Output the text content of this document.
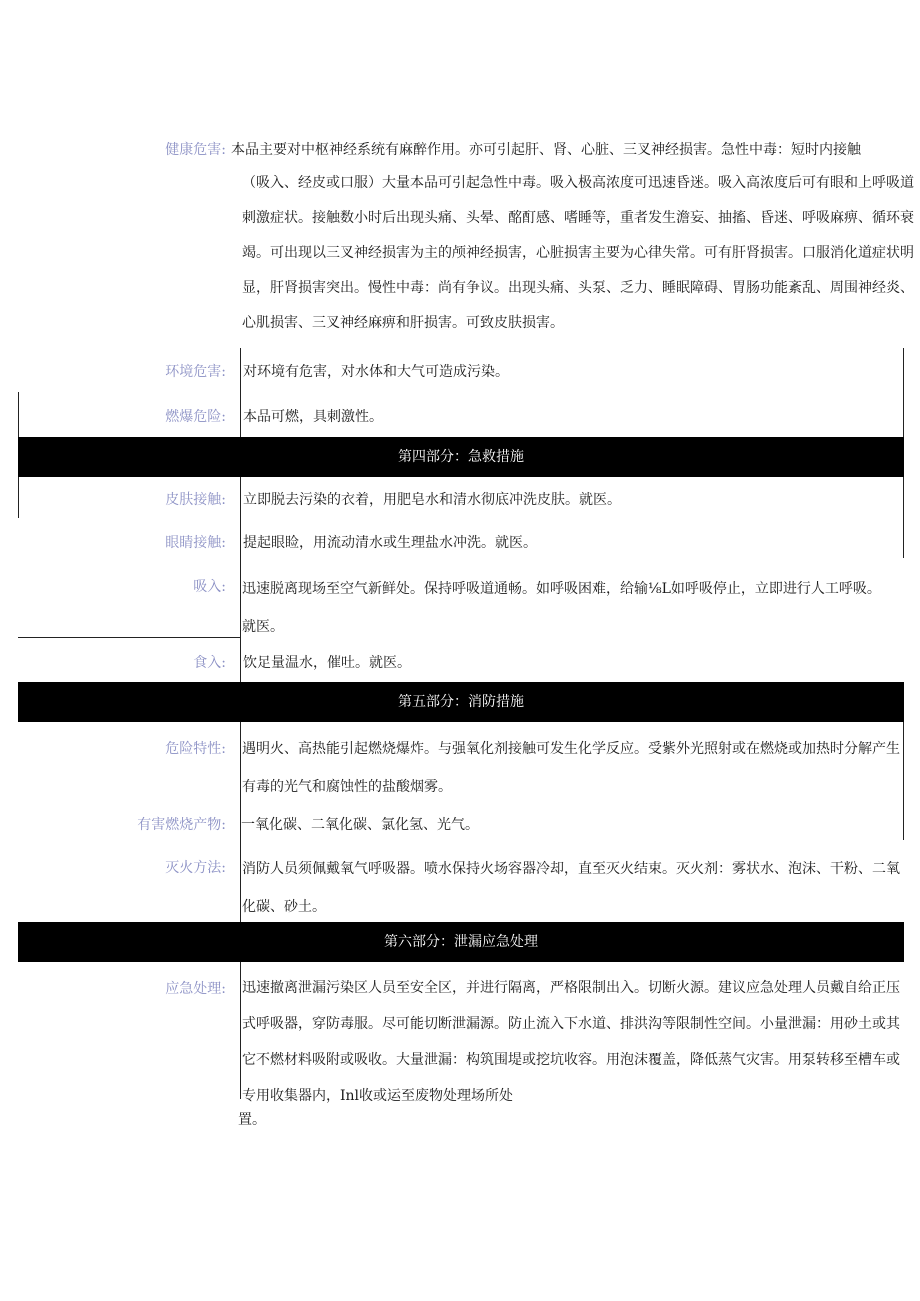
健康危害: 本品主要对中枢神经系统有麻醉作用。亦可引起肝、肾、心脏、三叉神经损害。急性中毒：短时内接触
（吸入、经皮或口服）大量本品可引起急性中毒。吸入极高浓度可迅速昏迷。吸入高浓度后可有眼和上呼吸道刺激症状。接触数小时后出现头痛、头晕、酩酊感、嗜睡等，重者发生澹妄、抽搐、昏迷、呼吸麻痹、循环衰竭。可出现以三叉神经损害为主的颅神经损害，心脏损害主要为心律失常。可有肝肾损害。口服消化道症状明显，肝肾损害突出。慢性中毒：尚有争议。出现头痛、头泵、乏力、睡眠障碍、胃肠功能紊乱、周围神经炎、心肌损害、三叉神经麻痹和肝损害。可致皮肤损害。
环境危害: 对环境有危害，对水体和大气可造成污染。
燃爆危险: 本品可燃，具刺激性。
第四部分：急救措施
皮肤接触: 立即脱去污染的衣着，用肥皂水和清水彻底冲洗皮肤。就医。
眼睛接触: 提起眼睑，用流动清水或生理盐水冲洗。就医。
吸入: 迅速脱离现场至空气新鲜处。保持呼吸道通畅。如呼吸困难，给输⅛L如呼吸停止，立即进行人工呼吸。就医。
食入: 饮足量温水，催吐。就医。
第五部分：消防措施
危险特性: 遇明火、高热能引起燃烧爆炸。与强氧化剂接触可发生化学反应。受紫外光照射或在燃烧或加热时分解产生有毒的光气和腐蚀性的盐酸烟雾。
有害燃烧产物: 一氧化碳、二氧化碳、氯化氢、光气。
灭火方法: 消防人员须佩戴氧气呼吸器。喷水保持火场容器冷却，直至灭火结束。灭火剂：雾状水、泡沫、干粉、二氧化碳、砂土。
第六部分：泄漏应急处理
应急处理: 迅速撤离泄漏污染区人员至安全区，并进行隔离，严格限制出入。切断火源。建议应急处理人员戴自给正压式呼吸器，穿防毒服。尽可能切断泄漏源。防止流入下水道、排洪沟等限制性空间。小量泄漏：用砂土或其它不燃材料吸附或吸收。大量泄漏：构筑围堤或挖坑收容。用泡沫覆盖，降低蒸气灾害。用泵转移至槽车或专用收集器内，Inl收或运至废物处理场所处
置。
